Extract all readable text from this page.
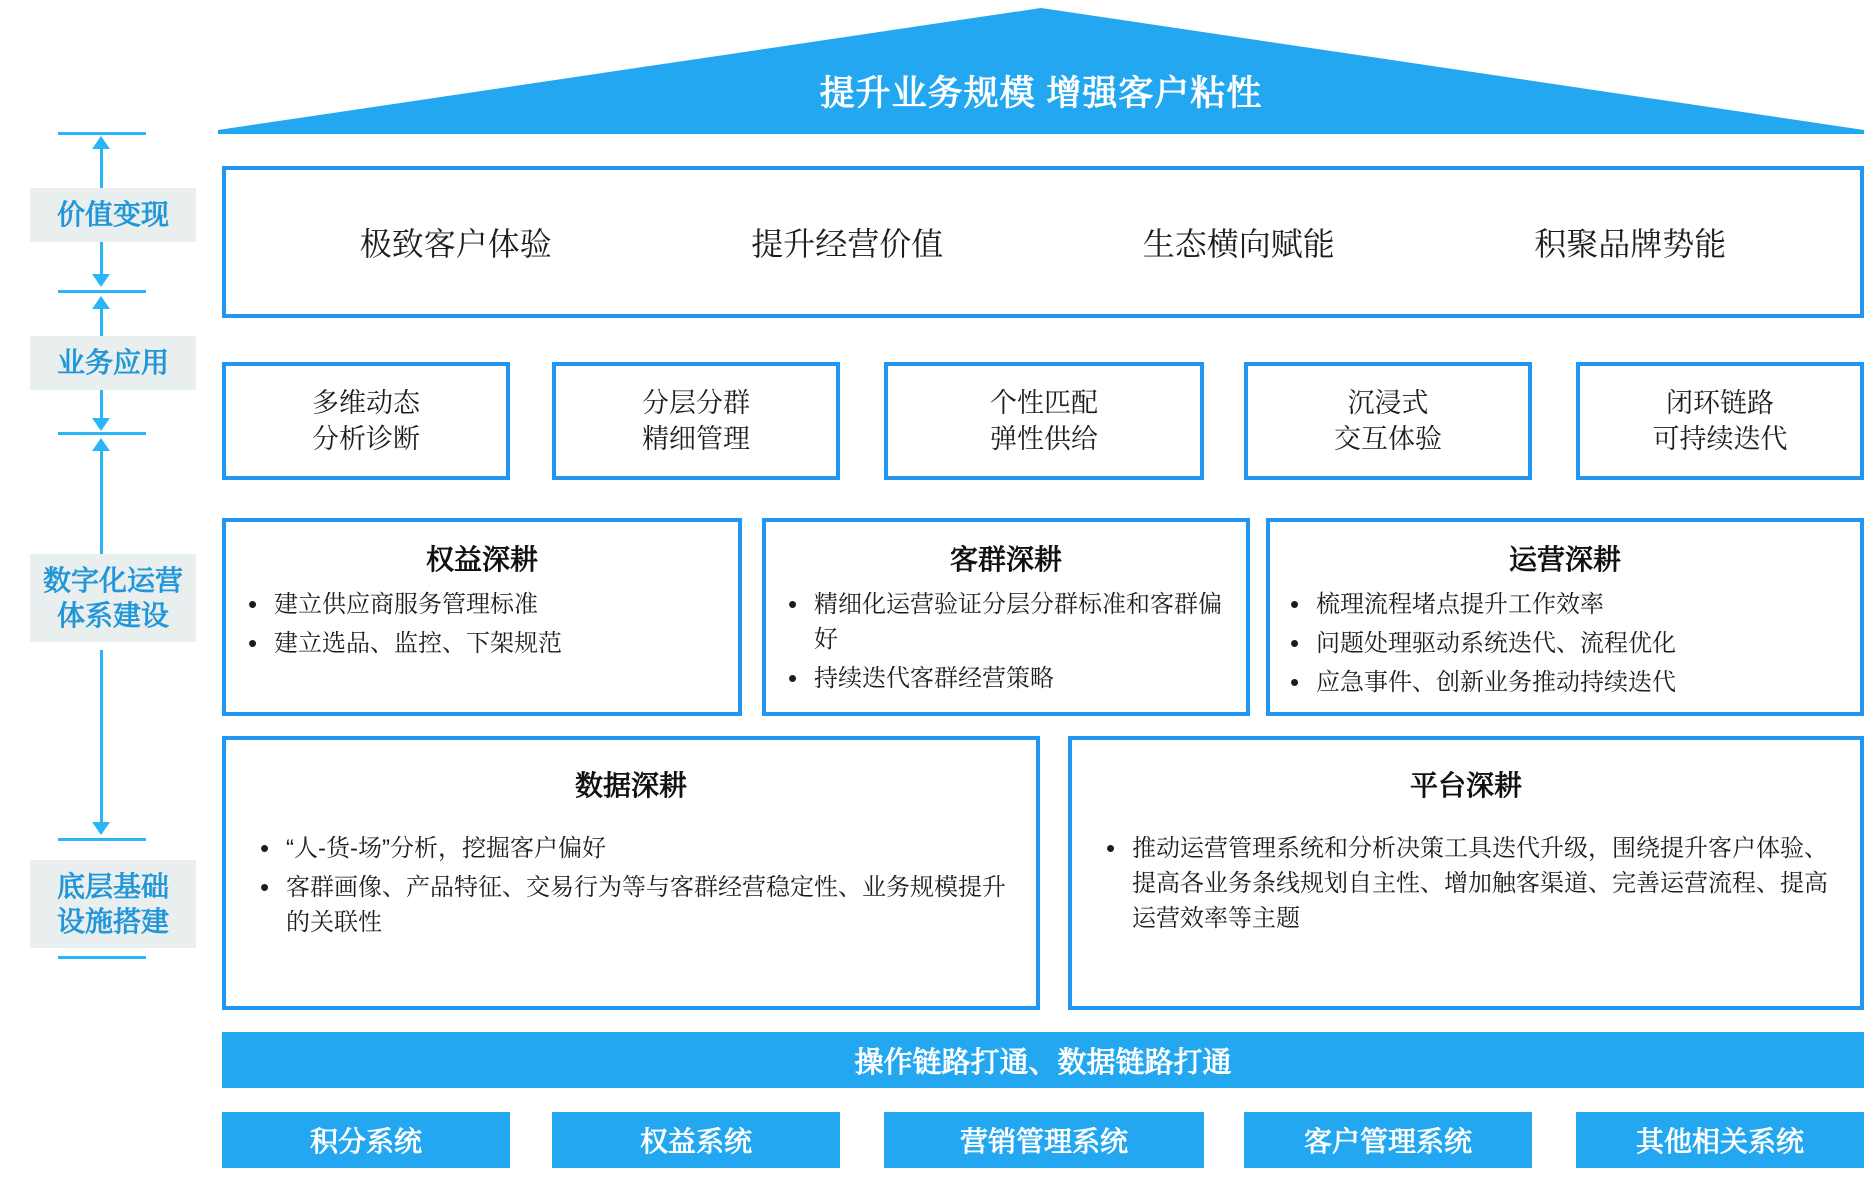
提升业务规模 增强客户粘性
价值变现
业务应用
数字化运营
体系建设
底层基础
设施搭建
极致客户体验	提升经营价值	生态横向赋能	积聚品牌势能
多维动态
分析诊断
分层分群
精细管理
个性匹配
弹性供给
沉浸式
交互体验
闭环链路
可持续迭代
权益深耕
• 建立供应商服务管理标准
• 建立选品、监控、下架规范
客群深耕
• 精细化运营验证分层分群标准和客群偏好
• 持续迭代客群经营策略
运营深耕
• 梳理流程堵点提升工作效率
• 问题处理驱动系统迭代、流程优化
• 应急事件、创新业务推动持续迭代
数据深耕
• “人-货-场”分析，挖掘客户偏好
• 客群画像、产品特征、交易行为等与客群经营稳定性、业务规模提升的关联性
平台深耕
• 推动运营管理系统和分析决策工具迭代升级，围绕提升客户体验、提高各业务条线规划自主性、增加触客渠道、完善运营流程、提高运营效率等主题
操作链路打通、数据链路打通
积分系统	权益系统	营销管理系统	客户管理系统	其他相关系统
